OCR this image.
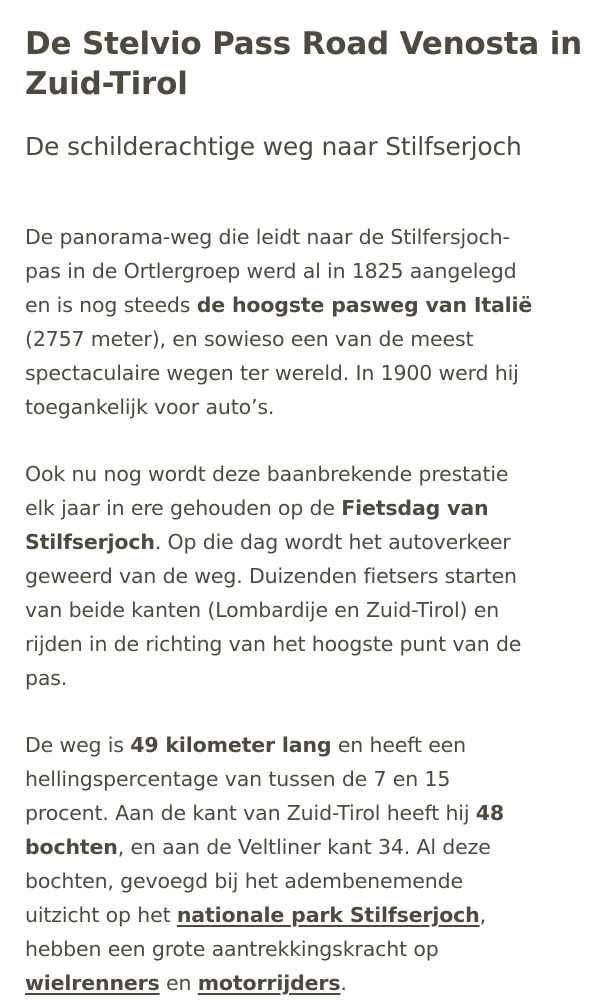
De Stelvio Pass Road Venosta in
Zuid-Tirol
De schilderachtige weg naar Stilfserjoch

De panorama-weg die leidt naar de Stilfersjoch-
pas in de Ortlergroep werd al in 1825 aangelegd
en is nog steeds de hoogste pasweg van Italië
(2757 meter), en sowieso een van de meest
spectaculaire wegen ter wereld. In 1900 werd hij
toegankelijk voor auto’s.

Ook nu nog wordt deze baanbrekende prestatie
elk jaar in ere gehouden op de Fietsdag van
Stilfserjoch. Op die dag wordt het autoverkeer
geweerd van de weg. Duizenden fietsers starten
van beide kanten (Lombardije en Zuid-Tirol) en
rijden in de richting van het hoogste punt van de
pas.

De weg is 49 kilometer lang en heeft een
hellingspercentage van tussen de 7 en 15
procent. Aan de kant van Zuid-Tirol heeft hij 48
bochten, en aan de Veltliner kant 34. Al deze
bochten, gevoegd bij het adembenemende
uitzicht op het nationale park Stilfserjoch,
hebben een grote aantrekkingskracht op
wielrenners en motorrijders.
